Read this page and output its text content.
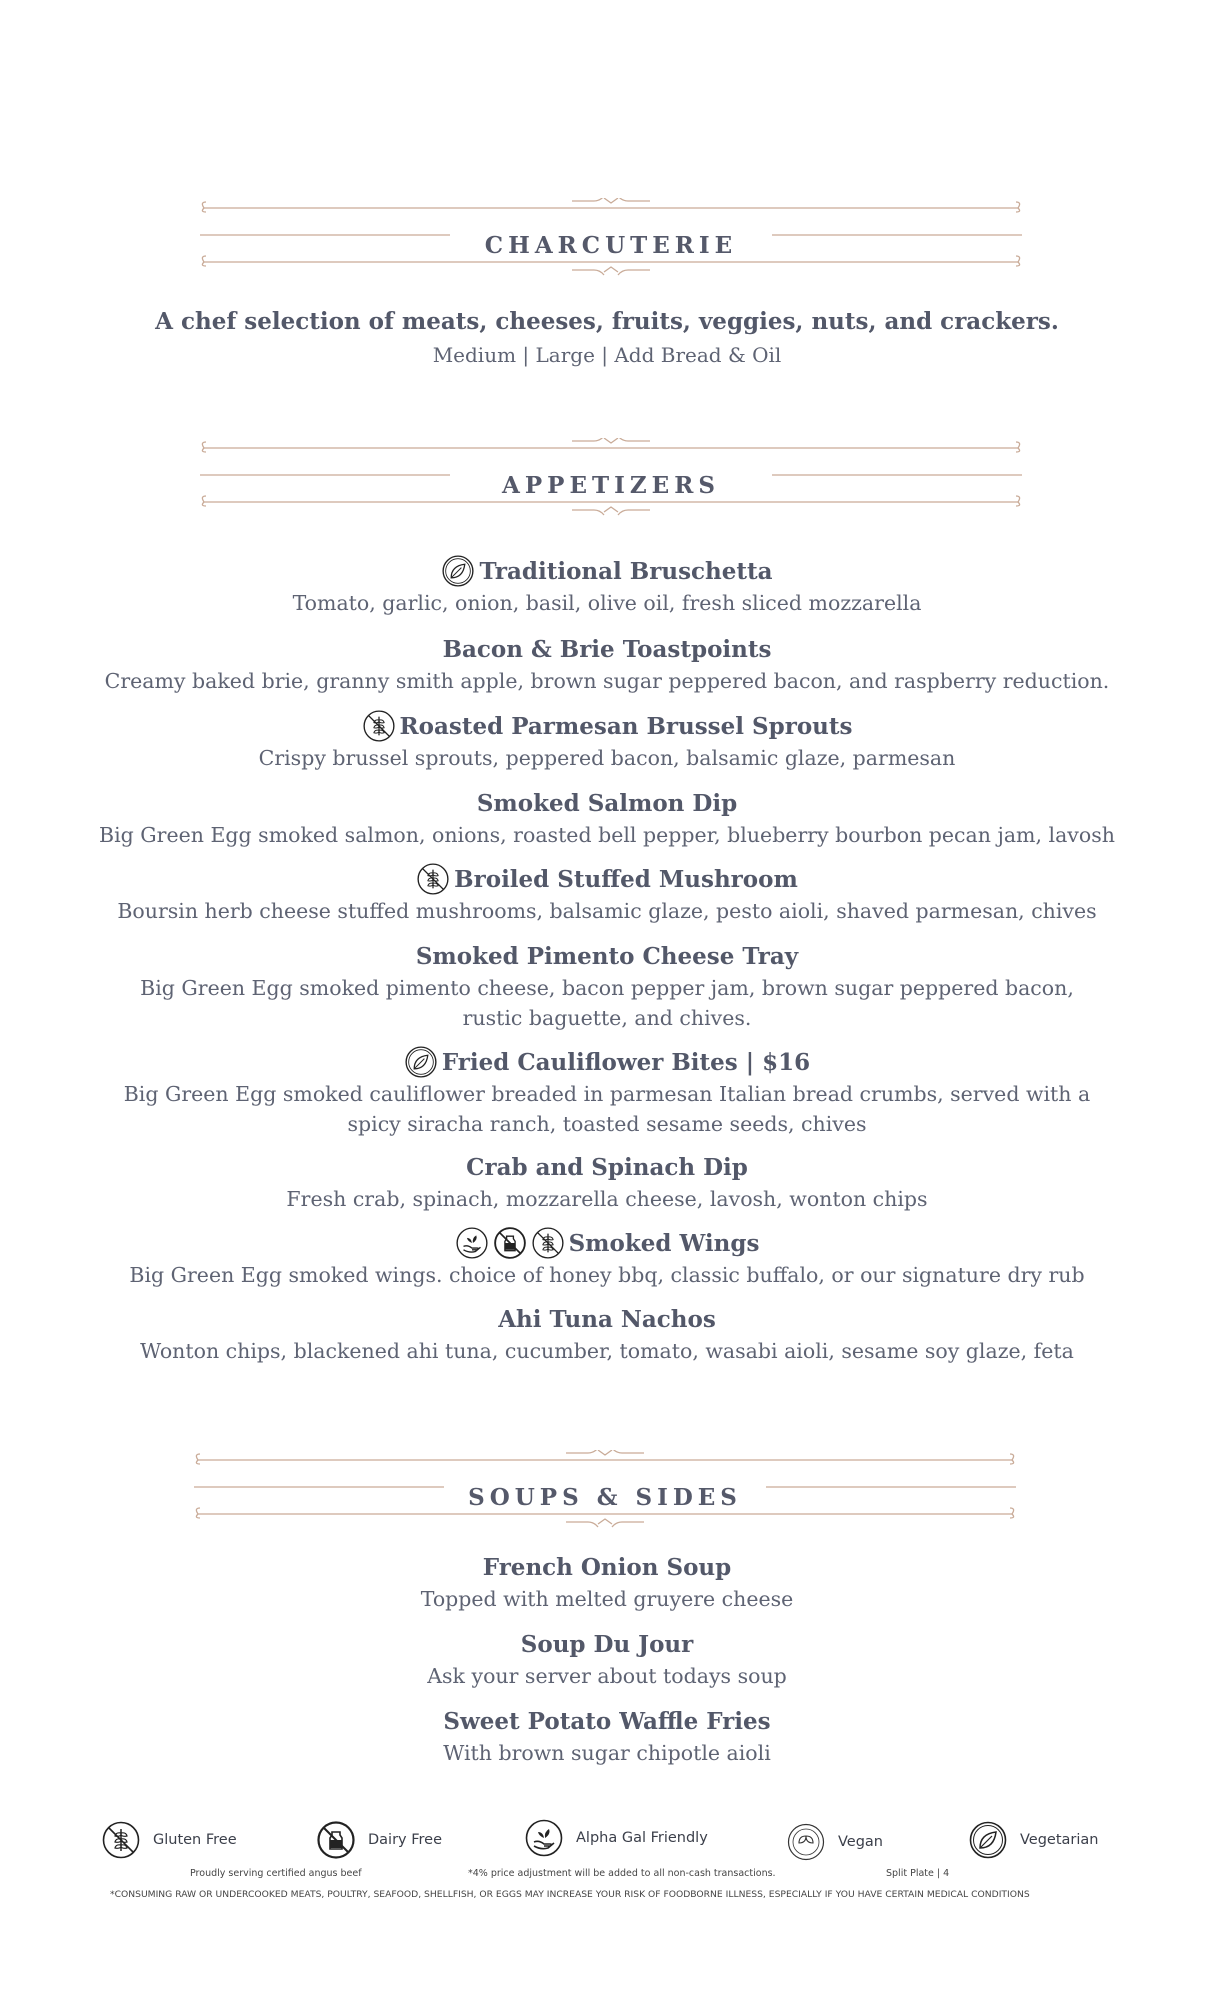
CHARCUTERIE
A chef selection of meats, cheeses, fruits, veggies, nuts, and crackers.
Medium | Large | Add Bread & Oil
APPETIZERS
Traditional Bruschetta
Tomato, garlic, onion, basil, olive oil, fresh sliced mozzarella
Bacon & Brie Toastpoints
Creamy baked brie, granny smith apple, brown sugar peppered bacon, and raspberry reduction.
Roasted Parmesan Brussel Sprouts
Crispy brussel sprouts, peppered bacon, balsamic glaze, parmesan
Smoked Salmon Dip
Big Green Egg smoked salmon, onions, roasted bell pepper, blueberry bourbon pecan jam, lavosh
Broiled Stuffed Mushroom
Boursin herb cheese stuffed mushrooms, balsamic glaze, pesto aioli, shaved parmesan, chives
Smoked Pimento Cheese Tray
Big Green Egg smoked pimento cheese, bacon pepper jam, brown sugar peppered bacon, rustic baguette, and chives.
Fried Cauliflower Bites | $16
Big Green Egg smoked cauliflower breaded in parmesan Italian bread crumbs, served with a spicy siracha ranch, toasted sesame seeds, chives
Crab and Spinach Dip
Fresh crab, spinach, mozzarella cheese, lavosh, wonton chips
Smoked Wings
Big Green Egg smoked wings. choice of honey bbq, classic buffalo, or our signature dry rub
Ahi Tuna Nachos
Wonton chips, blackened ahi tuna, cucumber, tomato, wasabi aioli, sesame soy glaze, feta
SOUPS & SIDES
French Onion Soup
Topped with melted gruyere cheese
Soup Du Jour
Ask your server about todays soup
Sweet Potato Waffle Fries
With brown sugar chipotle aioli
Gluten Free	Dairy Free	Alpha Gal Friendly	Vegan	Vegetarian
Proudly serving certified angus beef	*4% price adjustment will be added to all non-cash transactions.	Split Plate | 4
*CONSUMING RAW OR UNDERCOOKED MEATS, POULTRY, SEAFOOD, SHELLFISH, OR EGGS MAY INCREASE YOUR RISK OF FOODBORNE ILLNESS, ESPECIALLY IF YOU HAVE CERTAIN MEDICAL CONDITIONS
